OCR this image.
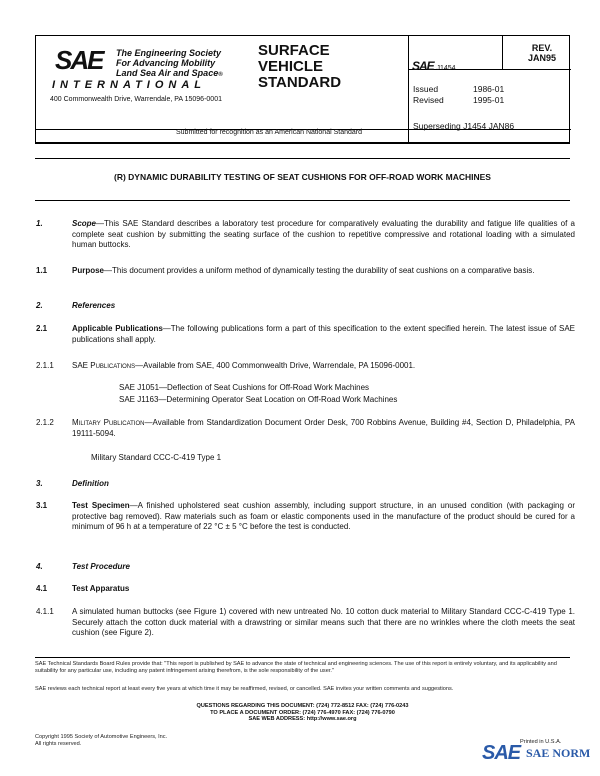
SAE The Engineering Society
For Advancing Mobility
Land Sea Air and Space®
INTERNATIONAL
400 Commonwealth Drive, Warrendale, PA 15096-0001
SURFACE
VEHICLE
STANDARD
SAE J1454
REV.
JAN95
Issued	1986-01
Revised	1995-01
Submitted for recognition as an American National Standard
Superseding J1454 JAN86
(R) DYNAMIC DURABILITY TESTING OF SEAT CUSHIONS FOR OFF-ROAD WORK MACHINES
1.	Scope—This SAE Standard describes a laboratory test procedure for comparatively evaluating the durability and fatigue life qualities of a complete seat cushion by submitting the seating surface of the cushion to repetitive compressive and rotational loading with a simulated human buttocks.
1.1	Purpose—This document provides a uniform method of dynamically testing the durability of seat cushions on a comparative basis.
2.	References
2.1	Applicable Publications—The following publications form a part of this specification to the extent specified herein. The latest issue of SAE publications shall apply.
2.1.1 SAE Publications—Available from SAE, 400 Commonwealth Drive, Warrendale, PA 15096-0001.
SAE J1051—Deflection of Seat Cushions for Off-Road Work Machines
SAE J1163—Determining Operator Seat Location on Off-Road Work Machines
2.1.2 Military Publication—Available from Standardization Document Order Desk, 700 Robbins Avenue, Building #4, Section D, Philadelphia, PA 19111-5094.
Military Standard CCC-C-419 Type 1
3.	Definition
3.1	Test Specimen—A finished upholstered seat cushion assembly, including support structure, in an unused condition (with packaging or protective bag removed). Raw materials such as foam or elastic components used in the manufacture of the product should be cured for a minimum of 96 h at a temperature of 22 °C ± 5 °C before the test is conducted.
4.	Test Procedure
4.1	Test Apparatus
4.1.1 A simulated human buttocks (see Figure 1) covered with new untreated No. 10 cotton duck material to Military Standard CCC-C-419 Type 1. Securely attach the cotton duck material with a drawstring or similar means such that there are no wrinkles where the cloth meets the seat cushion (see Figure 2).
SAE Technical Standards Board Rules provide that: "This report is published by SAE to advance the state of technical and engineering sciences. The use of this report is entirely voluntary, and its applicability and suitability for any particular use, including any patent infringement arising therefrom, is the sole responsibility of the user."
SAE reviews each technical report at least every five years at which time it may be reaffirmed, revised, or cancelled. SAE invites your written comments and suggestions.
QUESTIONS REGARDING THIS DOCUMENT: (724) 772-8512 FAX: (724) 776-0243
TO PLACE A DOCUMENT ORDER: (724) 776-4970 FAX: (724) 776-0790
SAE WEB ADDRESS: http://www.sae.org
Copyright 1995 Society of Automotive Engineers, Inc.
All rights reserved.	Printed in U.S.A.
SAE SAE NORM
